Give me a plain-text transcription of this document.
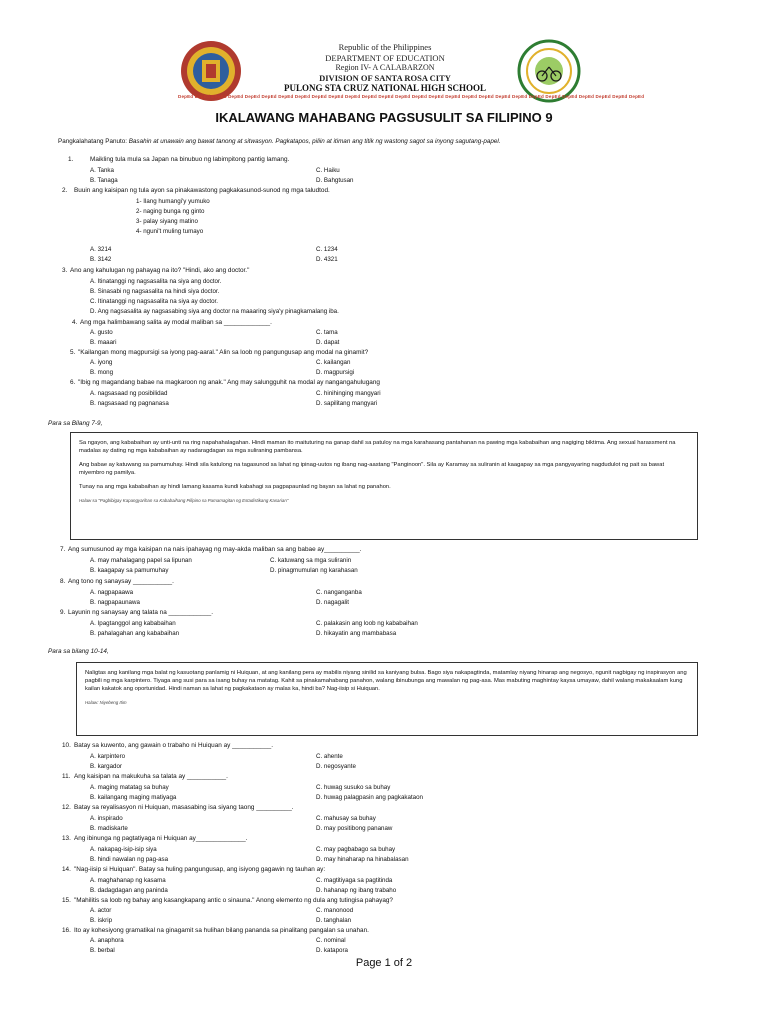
Republic of the Philippines
DEPARTMENT OF EDUCATION
Region IV- A CALABARZON
DIVISION OF SANTA ROSA CITY
PULONG STA CRUZ NATIONAL HIGH SCHOOL
DepEd DepEd DepEd DepEd DepEd DepEd DepEd DepEd DepEd DepEd DepEd DepEd DepEd DepEd DepEd DepEd DepEd DepEd DepEd DepEd DepEd DepEd DepEd DepEd DepEd DepEd DepEd DepEd
IKALAWANG MAHABANG PAGSUSULIT SA FILIPINO 9
Pangkalahatang Panuto: Basahin at unawain ang bawat tanong at sitwasyon. Pagkatapos, piliin at itiman ang titik ng wastong sagot sa inyong sagutang-papel.
1.	Maikling tula mula sa Japan na binubuo ng labimpitong pantig lamang.
A. Tanka	C. Haiku
B. Tanaga	D. Bahgtusan
2. Buuin ang kaisipan ng tula ayon sa pinakawastong pagkakasunod-sunod ng mga taludtod.
1- Ilang humangi'y yumuko
2- naging bunga ng ginto
3- palay siyang matino
4- nguni't muling tumayo
A. 3214	C. 1234
B. 3142	D. 4321
3. Ano ang kahulugan ng pahayag na ito? "Hindi, ako ang doctor."
A. Itinatanggi ng nagsasalita na siya ang doctor.
B. Sinasabi ng nagsasalita na hindi siya doctor.
C. Itinatanggi ng nagsasalita na siya ay doctor.
D. Ang nagsasalita ay nagsasabing siya ang doctor na maaaring siya'y pinagkamalang iba.
4. Ang mga halimbawang salita ay modal maliban sa _____________.
A. gusto	C. tama
B. maaari	D. dapat
5. "Kailangan mong magpursigi sa iyong pag-aaral." Alin sa loob ng pangungusap ang modal na ginamit?
A. iyong	C. kailangan
B. mong	D. magpursigi
6. "Ibig ng magandang babae na magkaroon ng anak." Ang may salungguhit na modal ay nangangahulugang
A. nagsasaad ng posibilidad	C. hinihinging mangyari
B. nagsasaad ng pagnanasa	D. sapilitang mangyari
Para sa Bilang 7-9,

Sa ngayon, ang kababaihan ay unti-unti na ring napahahalagahan. Hindi maman ito maituturing na ganap dahil sa patuloy na mga karahasang pantahanan na pawing mga kababaihan ang nagiging biktima. Ang sexual harassment na madalas ay dating ng mga kababaihan ay nadaragdagan sa mga suliraning pambansa.

Ang babae ay katuwang sa pamumuhay. Hindi sila katulong na tagasunod sa lahat ng ipinag-uutos ng ibang nag-aastang "Panginoon". Sila ay Karamay sa suliranin at kaagapay sa mga pangyayaring nagdudulot ng pait sa bawat miyembro ng pamilya.

Tunay na ang mga kababaihan ay hindi lamang kasama kundi kabahagi sa pagpapaunlad ng bayan sa lahat ng panahon.

Halaw sa "Pagbibigay Kapangyarihan sa Kababaihang Pilipino sa Pamamagitan ng Estadistikang Kasarian"

7. Ang sumusunod ay mga kaisipan na nais ipahayag ng may-akda maliban sa ang babae ay__________.
A. may mahalagang papel sa lipunan	C. katuwang sa mga suliranin
B. kaagapay sa pamumuhay	D. pinagmumulan ng karahasan
8. Ang tono ng sanaysay ___________.
A. nagpapaawa	C. nanganganba
B. nagpapaunawa	D. nagagalit
9. Layunin ng sanaysay ang talata na ____________.
A. Ipagtanggol ang kababaihan	C. palakasin ang loob ng kababaihan
B. pahalagahan ang kababaihan	D. hikayatin ang mambabasa
Para sa bilang 10-14,

Naligtas ang kanilang mga balat ng kasuotang panlamig ni Huiquan, at ang kanilang pera ay mabilis niyang sinilid sa kaniyang bulsa. Bago siya nakapagtinda, matamlay niyang hinarap ang negosyo, ngunit nagbigay ng inspirasyon ang pagbili ng mga karpintero. Tiyaga ang susi para sa isang buhay na matatag. Kahit sa pinakamahabang panahon, walang ibinubunga ang mawalan ng pag-asa. Mas mabuting maghintay kaysa umayaw, dahil walang makakaalam kung kailan kakatok ang oportunidad. Hindi naman sa lahat ng pagkakataon ay malas ka, hindi ba? Nag-iisip si Huiquan.

Halaw: Niyebeng Itim

10. Batay sa kuwento, ang gawain o trabaho ni Huiquan ay ___________.
A. karpintero	C. ahente
B. kargador	D. negosyante
11. Ang kaisipan na makukuha sa talata ay ___________.
A. maging matatag sa buhay	C. huwag susuko sa buhay
B. kailangang maging matiyaga	D. huwag palagpasin ang pagkakataon
12. Batay sa reyalisasyon ni Huiquan, masasabing isa siyang taong __________.
A. inspirado	C. mahusay sa buhay
B. madiskarte	D. may positibong pananaw
13. Ang ibinunga ng pagtatiyaga ni Huiquan ay______________.
A. nakapag-isip-isip siya	C. may pagbabago sa buhay
B. hindi nawalan ng pag-asa	D. may hinaharap na hinabalasan
14. "Nag-iisip si Huiquan". Batay sa huling pangungusap, ang isiyong gagawin ng tauhan ay:
A. maghahanap ng kasama	C. magtitiyaga sa pagtitinda
B. dadagdagan ang paninda	D. hahanap ng ibang trabaho
15. "Mahilitis sa loob ng bahay ang kasangkapang antic o sinauna." Anong elemento ng dula ang tutingisa pahayag?
A. actor	C. manonood
B. iskrip	D. tanghalan
16. Ito ay kohesiyong gramatikal na ginagamit sa hulihan bilang pananda sa pinalitang pangalan sa unahan.
A. anaphora	C. nominal
B. berbal	D. katapora
Page 1 of 2
